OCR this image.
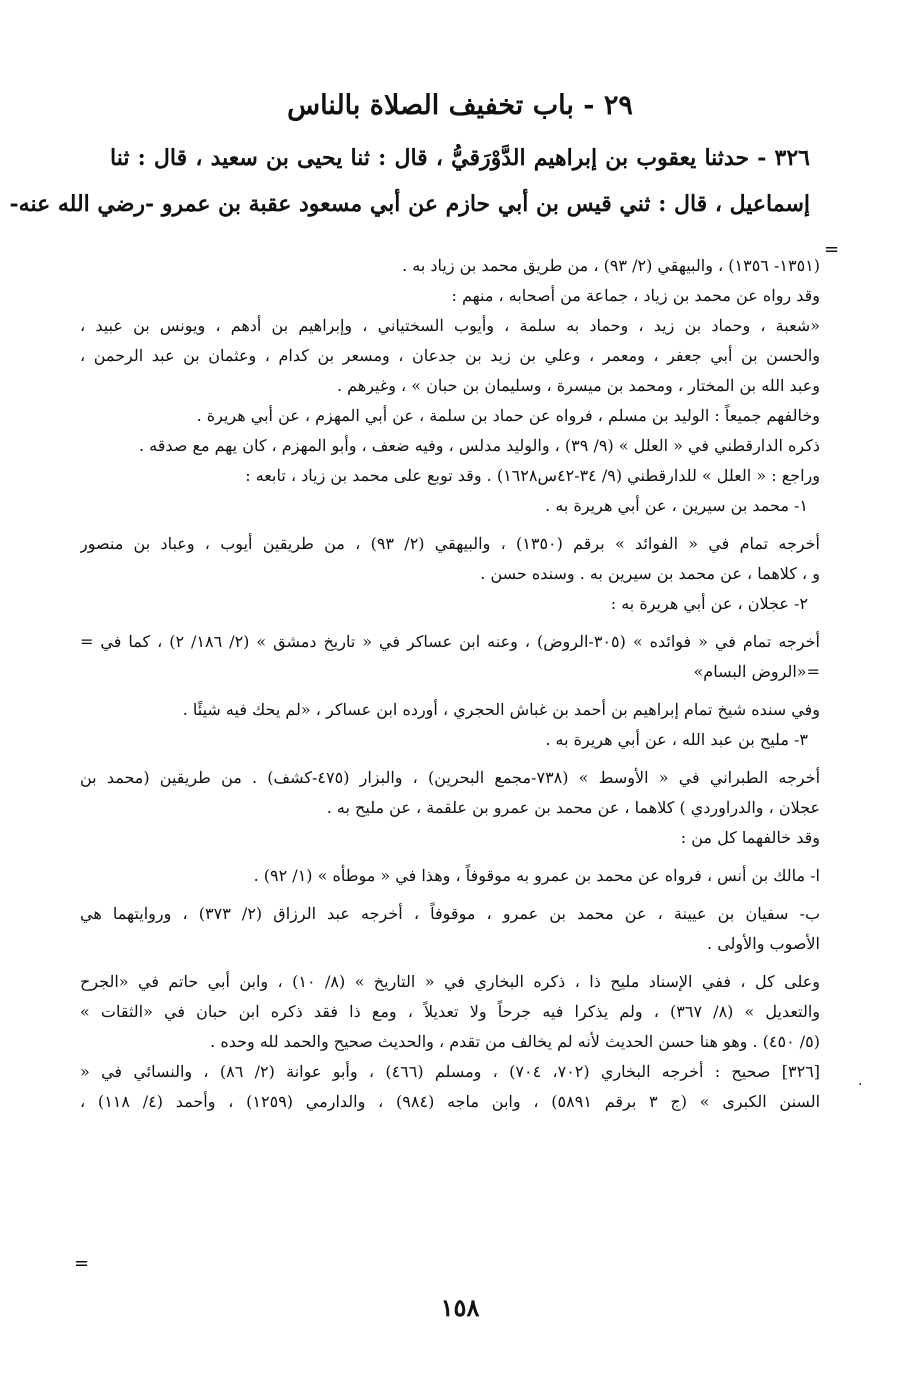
٢٩ - باب تخفيف الصلاة بالناس
٣٢٦ - حدثنا يعقوب بن إبراهيم الدَّوْرَقيُّ ، قال : ثنا يحيى بن سعيد ، قال : ثنا
إسماعيل ، قال : ثني قيس بن أبي حازم عن أبي مسعود عقبة بن عمرو -رضي الله عنه-
=
(١٣٥١- ١٣٥٦) ، والبيهقي (٢/ ٩٣) ، من طريق محمد بن زياد به .
وقد رواه عن محمد بن زياد ، جماعة من أصحابه ، منهم :
«شعبة ، وحماد بن زيد ، وحماد به سلمة ، وأيوب السختياني ، وإبراهيم بن أدهم ، ويونس بن عبيد ،
والحسن بن أبي جعفر ، ومعمر ، وعلي بن زيد بن جدعان ، ومسعر بن كدام ، وعثمان بن عبد الرحمن ،
وعبد الله بن المختار ، ومحمد بن ميسرة ، وسليمان بن حبان » ، وغيرهم .
وخالفهم جميعاً : الوليد بن مسلم ، فرواه عن حماد بن سلمة ، عن أبي المهزم ، عن أبي هريرة .
ذكره الدارقطني في « العلل » (٩/ ٣٩) ، والوليد مدلس ، وفيه ضعف ، وأبو المهزم ، كان يهم مع صدقه .
وراجع : « العلل » للدارقطني (٩/ ٣٤-٤٢س١٦٢٨) . وقد توبع على محمد بن زياد ، تابعه :
١- محمد بن سيرين ، عن أبي هريرة به .
أخرجه تمام في « الفوائد » برقم (١٣٥٠) ، والبيهقي (٢/ ٩٣) ، من طريقين أيوب ، وعباد بن منصور
و ، كلاهما ، عن محمد بن سيرين به . وسنده حسن .
٢- عجلان ، عن أبي هريرة به :
أخرجه تمام في « فوائده » (٣٠٥-الروض) ، وعنه ابن عساكر في « تاريخ دمشق » (٢/ ١٨٦/ ٢) ، كما في =
=«الروض البسام»
وفي سنده شيخ تمام إبراهيم بن أحمد بن غباش الحجري ، أورده ابن عساكر ، «لم يحك فيه شيئًا .
٣- مليح بن عبد الله ، عن أبي هريرة به .
أخرجه الطبراني في « الأوسط » (٧٣٨-مجمع البحرين) ، والبزار (٤٧٥-كشف) . من طريقين (محمد بن
عجلان ، والدراوردي ) كلاهما ، عن محمد بن عمرو بن علقمة ، عن مليح به .
وقد خالفهما كل من :
ا- مالك بن أنس ، فرواه عن محمد بن عمرو به موقوفاً ، وهذا في « موطأه » (١/ ٩٢) .
ب- سفيان بن عيينة ، عن محمد بن عمرو ، موقوفاً ، أخرجه عبد الرزاق (٢/ ٣٧٣) ، وروايتهما هي
الأصوب والأولى .
وعلى كل ، ففي الإسناد مليح ذا ، ذكره البخاري في « التاريخ » (٨/ ١٠) ، وابن أبي حاتم في «الجرح
والتعديل » (٨/ ٣٦٧) ، ولم يذكرا فيه جرحاً ولا تعديلاً ، ومع ذا فقد ذكره ابن حبان في «الثقات »
(٥/ ٤٥٠) . وهو هنا حسن الحديث لأنه لم يخالف من تقدم ، والحديث صحيح والحمد لله وحده .
[٣٢٦] صحيح : أخرجه البخاري (٧٠٢، ٧٠٤) ، ومسلم (٤٦٦) ، وأبو عوانة (٢/ ٨٦) ، والنسائي في «
السنن الكبرى » (ج ٣ برقم ٥٨٩١) ، وابن ماجه (٩٨٤) ، والدارمي (١٢٥٩) ، وأحمد (٤/ ١١٨) ،
·
=
١٥٨
